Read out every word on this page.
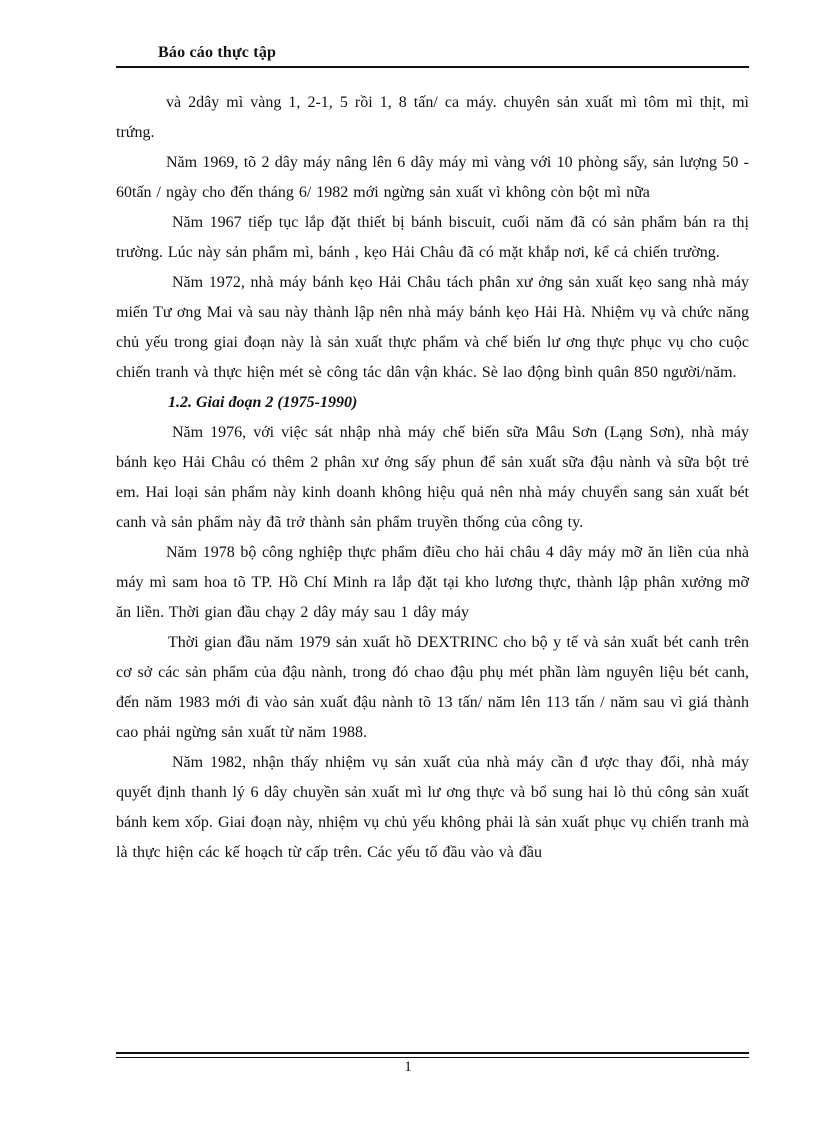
Báo cáo thực tập

và 2dây mì vàng 1, 2-1, 5 rồi 1, 8 tấn/ ca máy. chuyên sản xuất mì tôm mì thịt, mì trứng.

Năm 1969, tõ 2 dây máy nâng lên 6 dây máy mì vàng với 10 phòng sấy, sản lượng 50 - 60tấn / ngày cho đến tháng 6/ 1982 mới ngừng sản xuất vì không còn bột mì nữa

Năm 1967 tiếp tục lắp đặt thiết bị bánh biscuit, cuối năm đã có sản phẩm bán ra thị trường. Lúc này sản phẩm mì, bánh , kẹo Hải Châu đã có mặt khắp nơi, kể cả chiến trường.

Năm 1972, nhà máy bánh kẹo Hải Châu tách phân xư ởng sản xuất kẹo sang nhà máy miến Tư ơng Mai và sau này thành lập nên nhà máy bánh kẹo Hải Hà. Nhiệm vụ và chức năng chủ yếu trong giai đoạn này là sản xuất thực phẩm và chế biến lư ơng thực phục vụ cho cuộc chiến tranh và thực hiện mét sè công tác dân vận khác. Sè lao động bình quân 850 người/năm.

1.2. Giai đoạn 2 (1975-1990)

Năm 1976, với việc sát nhập nhà máy chế biến sữa Mâu Sơn (Lạng Sơn), nhà máy bánh kẹo Hải Châu có thêm 2 phân xư ởng sấy phun để sản xuất sữa đậu nành và sữa bột trẻ em. Hai loại sản phẩm này kinh doanh không hiệu quả nên nhà máy chuyển sang sản xuất bét canh và sản phẩm này đã trở thành sản phẩm truyền thống của công ty.

Năm 1978 bộ công nghiệp thực phẩm điều cho hải châu 4 dây máy mỡ ăn liền của nhà máy mì sam hoa tõ TP. Hồ Chí Minh ra lắp đặt tại kho lương thực, thành lập phân xưởng mỡ ăn liền. Thời gian đầu chạy 2 dây máy sau 1 dây máy

Thời gian đầu năm 1979 sản xuất hồ DEXTRINC cho bộ y tế và sản xuất bét canh trên cơ sở các sản phẩm của đậu nành, trong đó chao đậu phụ mét phần làm nguyên liệu bét canh, đến năm 1983 mới đi vào sản xuất đậu nành tõ 13 tấn/ năm lên 113 tấn / năm sau vì giá thành cao phải ngừng sản xuất từ năm 1988.

Năm 1982, nhận thấy nhiệm vụ sản xuất của nhà máy cần đ ược thay đổi, nhà máy quyết định thanh lý 6 dây chuyền sản xuất mì lư ơng thực và bổ sung hai lò thủ công sản xuất bánh kem xốp. Giai đoạn này, nhiệm vụ chủ yếu không phải là sản xuất phục vụ chiến tranh mà là thực hiện các kế hoạch từ cấp trên. Các yếu tố đầu vào và đầu

1
